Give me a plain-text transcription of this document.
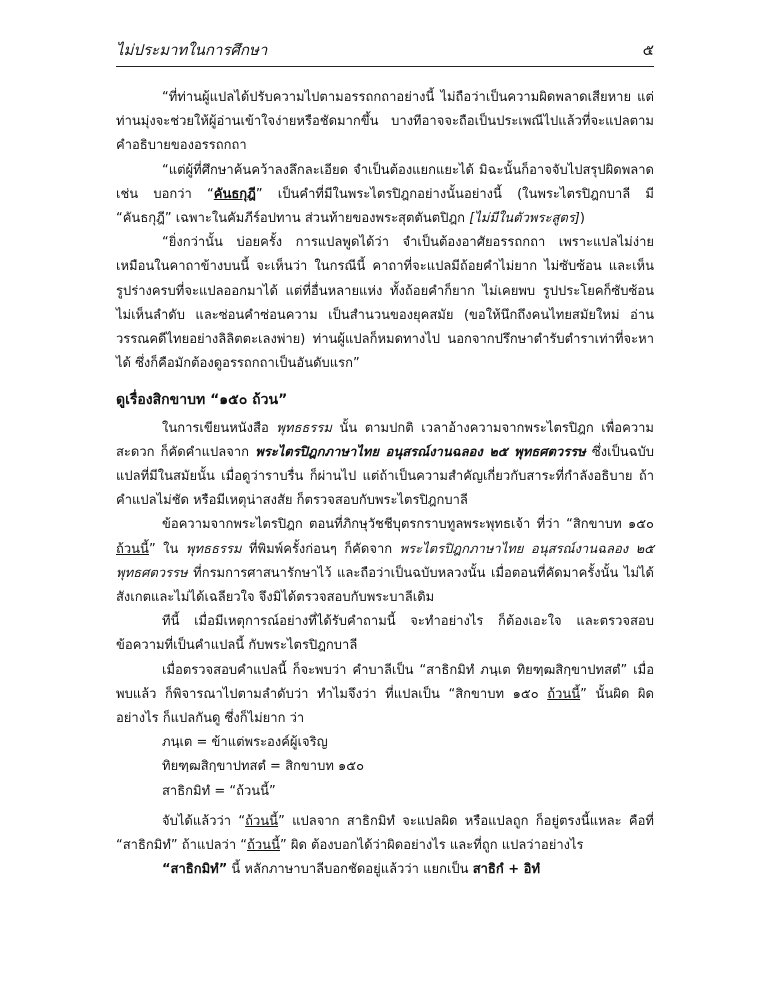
ไม่ประมาทในการศึกษา	๕

“ที่ท่านผู้แปลได้ปรับความไปตามอรรถกถาอย่างนี้ ไม่ถือว่าเป็นความผิดพลาดเสียหาย แต่ท่านมุ่งจะช่วยให้ผู้อ่านเข้าใจง่ายหรือชัดมากขึ้น บางทีอาจจะถือเป็นประเพณีไปแล้วที่จะแปลตามคำอธิบายของอรรถกถา

“แต่ผู้ที่ศึกษาค้นคว้าลงลึกละเอียด จำเป็นต้องแยกแยะได้ มิฉะนั้นก็อาจจับไปสรุปผิดพลาด เช่น บอกว่า “คันธกุฎี” เป็นคำที่มีในพระไตรปิฎกอย่างนั้นอย่างนี้ (ในพระไตรปิฎกบาลี มี “คันธกุฎี” เฉพาะในคัมภีร์อปทาน ส่วนท้ายของพระสุตตันตปิฎก [ไม่มีในตัวพระสูตร])

“ยิ่งกว่านั้น บ่อยครั้ง การแปลพูดได้ว่า จำเป็นต้องอาศัยอรรถกถา เพราะแปลไม่ง่ายเหมือนในคาถาข้างบนนี้ จะเห็นว่า ในกรณีนี้ คาถาที่จะแปลมีถ้อยคำไม่ยาก ไม่ซับซ้อน และเห็นรูปร่างครบที่จะแปลออกมาได้ แต่ที่อื่นหลายแห่ง ทั้งถ้อยคำก็ยาก ไม่เคยพบ รูปประโยคก็ซับซ้อน ไม่เห็นลำดับ และซ่อนคำซ่อนความ เป็นสำนวนของยุคสมัย (ขอให้นึกถึงคนไทยสมัยใหม่ อ่านวรรณคดีไทยอย่างลิลิตตะเลงพ่าย) ท่านผู้แปลก็หมดทางไป นอกจากปรึกษาตำรับตำราเท่าที่จะหาได้ ซึ่งก็คือมักต้องดูอรรถกถาเป็นอันดับแรก”

ดูเรื่องสิกขาบท “๑๕๐ ถ้วน”

ในการเขียนหนังสือ พุทธธรรม นั้น ตามปกติ เวลาอ้างความจากพระไตรปิฎก เพื่อความสะดวก ก็คัดคำแปลจาก พระไตรปิฎกภาษาไทย อนุสรณ์งานฉลอง ๒๕ พุทธศตวรรษ ซึ่งเป็นฉบับแปลที่มีในสมัยนั้น เมื่อดูว่าราบรื่น ก็ผ่านไป แต่ถ้าเป็นความสำคัญเกี่ยวกับสาระที่กำลังอธิบาย ถ้าคำแปลไม่ชัด หรือมีเหตุน่าสงสัย ก็ตรวจสอบกับพระไตรปิฎกบาลี

ข้อความจากพระไตรปิฎก ตอนที่ภิกษุวัชชีบุตรกราบทูลพระพุทธเจ้า ที่ว่า “สิกขาบท ๑๕๐ ถ้วนนี้” ใน พุทธธรรม ที่พิมพ์ครั้งก่อนๆ ก็คัดจาก พระไตรปิฎกภาษาไทย อนุสรณ์งานฉลอง ๒๕ พุทธศตวรรษ ที่กรมการศาสนารักษาไว้ และถือว่าเป็นฉบับหลวงนั้น เมื่อตอนที่คัดมาครั้งนั้น ไม่ได้สังเกตและไม่ได้เฉลียวใจ จึงมิได้ตรวจสอบกับพระบาลีเดิม

ทีนี้ เมื่อมีเหตุการณ์อย่างที่ได้รับคำถามนี้ จะทำอย่างไร ก็ต้องเอะใจ และตรวจสอบข้อความที่เป็นคำแปลนี้ กับพระไตรปิฎกบาลี

เมื่อตรวจสอบคำแปลนี้ ก็จะพบว่า คำบาลีเป็น “สาธิกมิทํ ภนฺเต ทิยฑฺฒสิกฺขาปทสตํ” เมื่อพบแล้ว ก็พิจารณาไปตามลำดับว่า ทำไมจึงว่า ที่แปลเป็น “สิกขาบท ๑๕๐ ถ้วนนี้” นั้นผิด ผิดอย่างไร ก็แปลกันดู ซึ่งก็ไม่ยาก ว่า

ภนฺเต = ข้าแต่พระองค์ผู้เจริญ

ทิยฑฺฒสิกฺขาปทสตํ = สิกขาบท ๑๕๐

สาธิกมิทํ = “ถ้วนนี้”

จับได้แล้วว่า “ถ้วนนี้” แปลจาก สาธิกมิทํ จะแปลผิด หรือแปลถูก ก็อยู่ตรงนี้แหละ คือที่ “สาธิกมิทํ” ถ้าแปลว่า “ถ้วนนี้” ผิด ต้องบอกได้ว่าผิดอย่างไร และที่ถูก แปลว่าอย่างไร

“สาธิกมิทํ” นี้ หลักภาษาบาลีบอกชัดอยู่แล้วว่า แยกเป็น สาธิกํ + อิทํ
